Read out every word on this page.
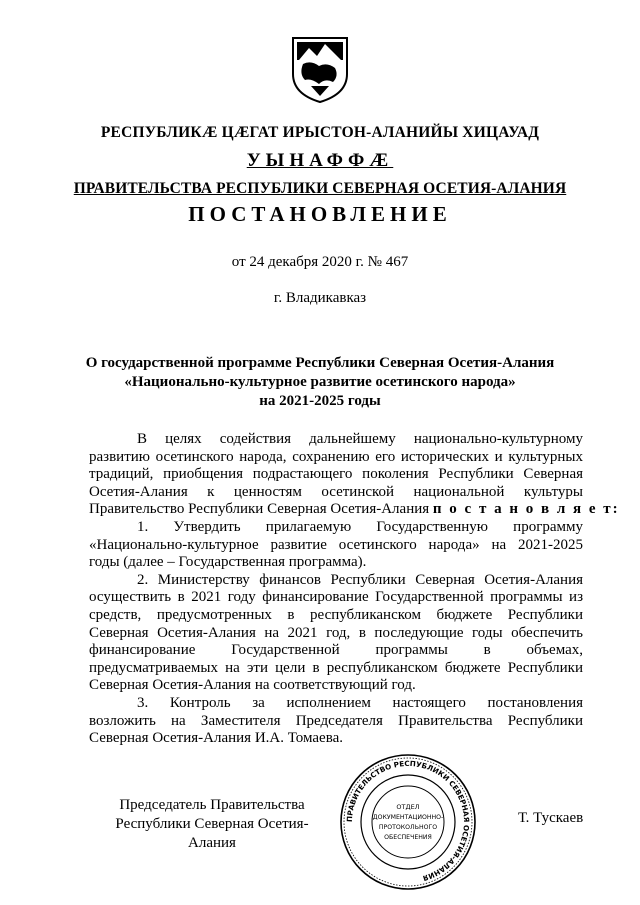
РЕСПУБЛИКӔ ЦӔГАТ ИРЫСТОН-АЛАНИЙЫ ХИЦАУАД
УЫНАФФӔ
ПРАВИТЕЛЬСТВА РЕСПУБЛИКИ СЕВЕРНАЯ ОСЕТИЯ-АЛАНИЯ
ПОСТАНОВЛЕНИЕ
от 24 декабря 2020 г. № 467
г. Владикавказ
О государственной программе Республики Северная Осетия-Алания
«Национально-культурное развитие осетинского народа»
на 2021-2025 годы
В целях содействия дальнейшему национально-культурному
развитию осетинского народа, сохранению его исторических и культурных
традиций, приобщения подрастающего поколения Республики Северная
Осетия-Алания к ценностям осетинской национальной культуры
Правительство Республики Северная Осетия-Алания п о с т а н о в л я е т:
1. Утвердить прилагаемую Государственную программу
«Национально-культурное развитие осетинского народа» на 2021-2025
годы (далее – Государственная программа).
2. Министерству финансов Республики Северная Осетия-Алания
осуществить в 2021 году финансирование Государственной программы из
средств, предусмотренных в республиканском бюджете Республики
Северная Осетия-Алания на 2021 год, в последующие годы обеспечить
финансирование Государственной программы в объемах,
предусматриваемых на эти цели в республиканском бюджете Республики
Северная Осетия-Алания на соответствующий год.
3. Контроль за исполнением настоящего постановления
возложить на Заместителя Председателя Правительства Республики
Северная Осетия-Алания И.А. Томаева.
Председатель Правительства
Республики Северная Осетия-Алания
ПРАВИТЕЛЬСТВО РЕСПУБЛИКИ СЕВЕРНАЯ ОСЕТИЯ-АЛАНИЯ
ОТДЕЛ
ДОКУМЕНТАЦИОННО-
ПРОТОКОЛЬНОГО
ОБЕСПЕЧЕНИЯ
Т. Тускаев
